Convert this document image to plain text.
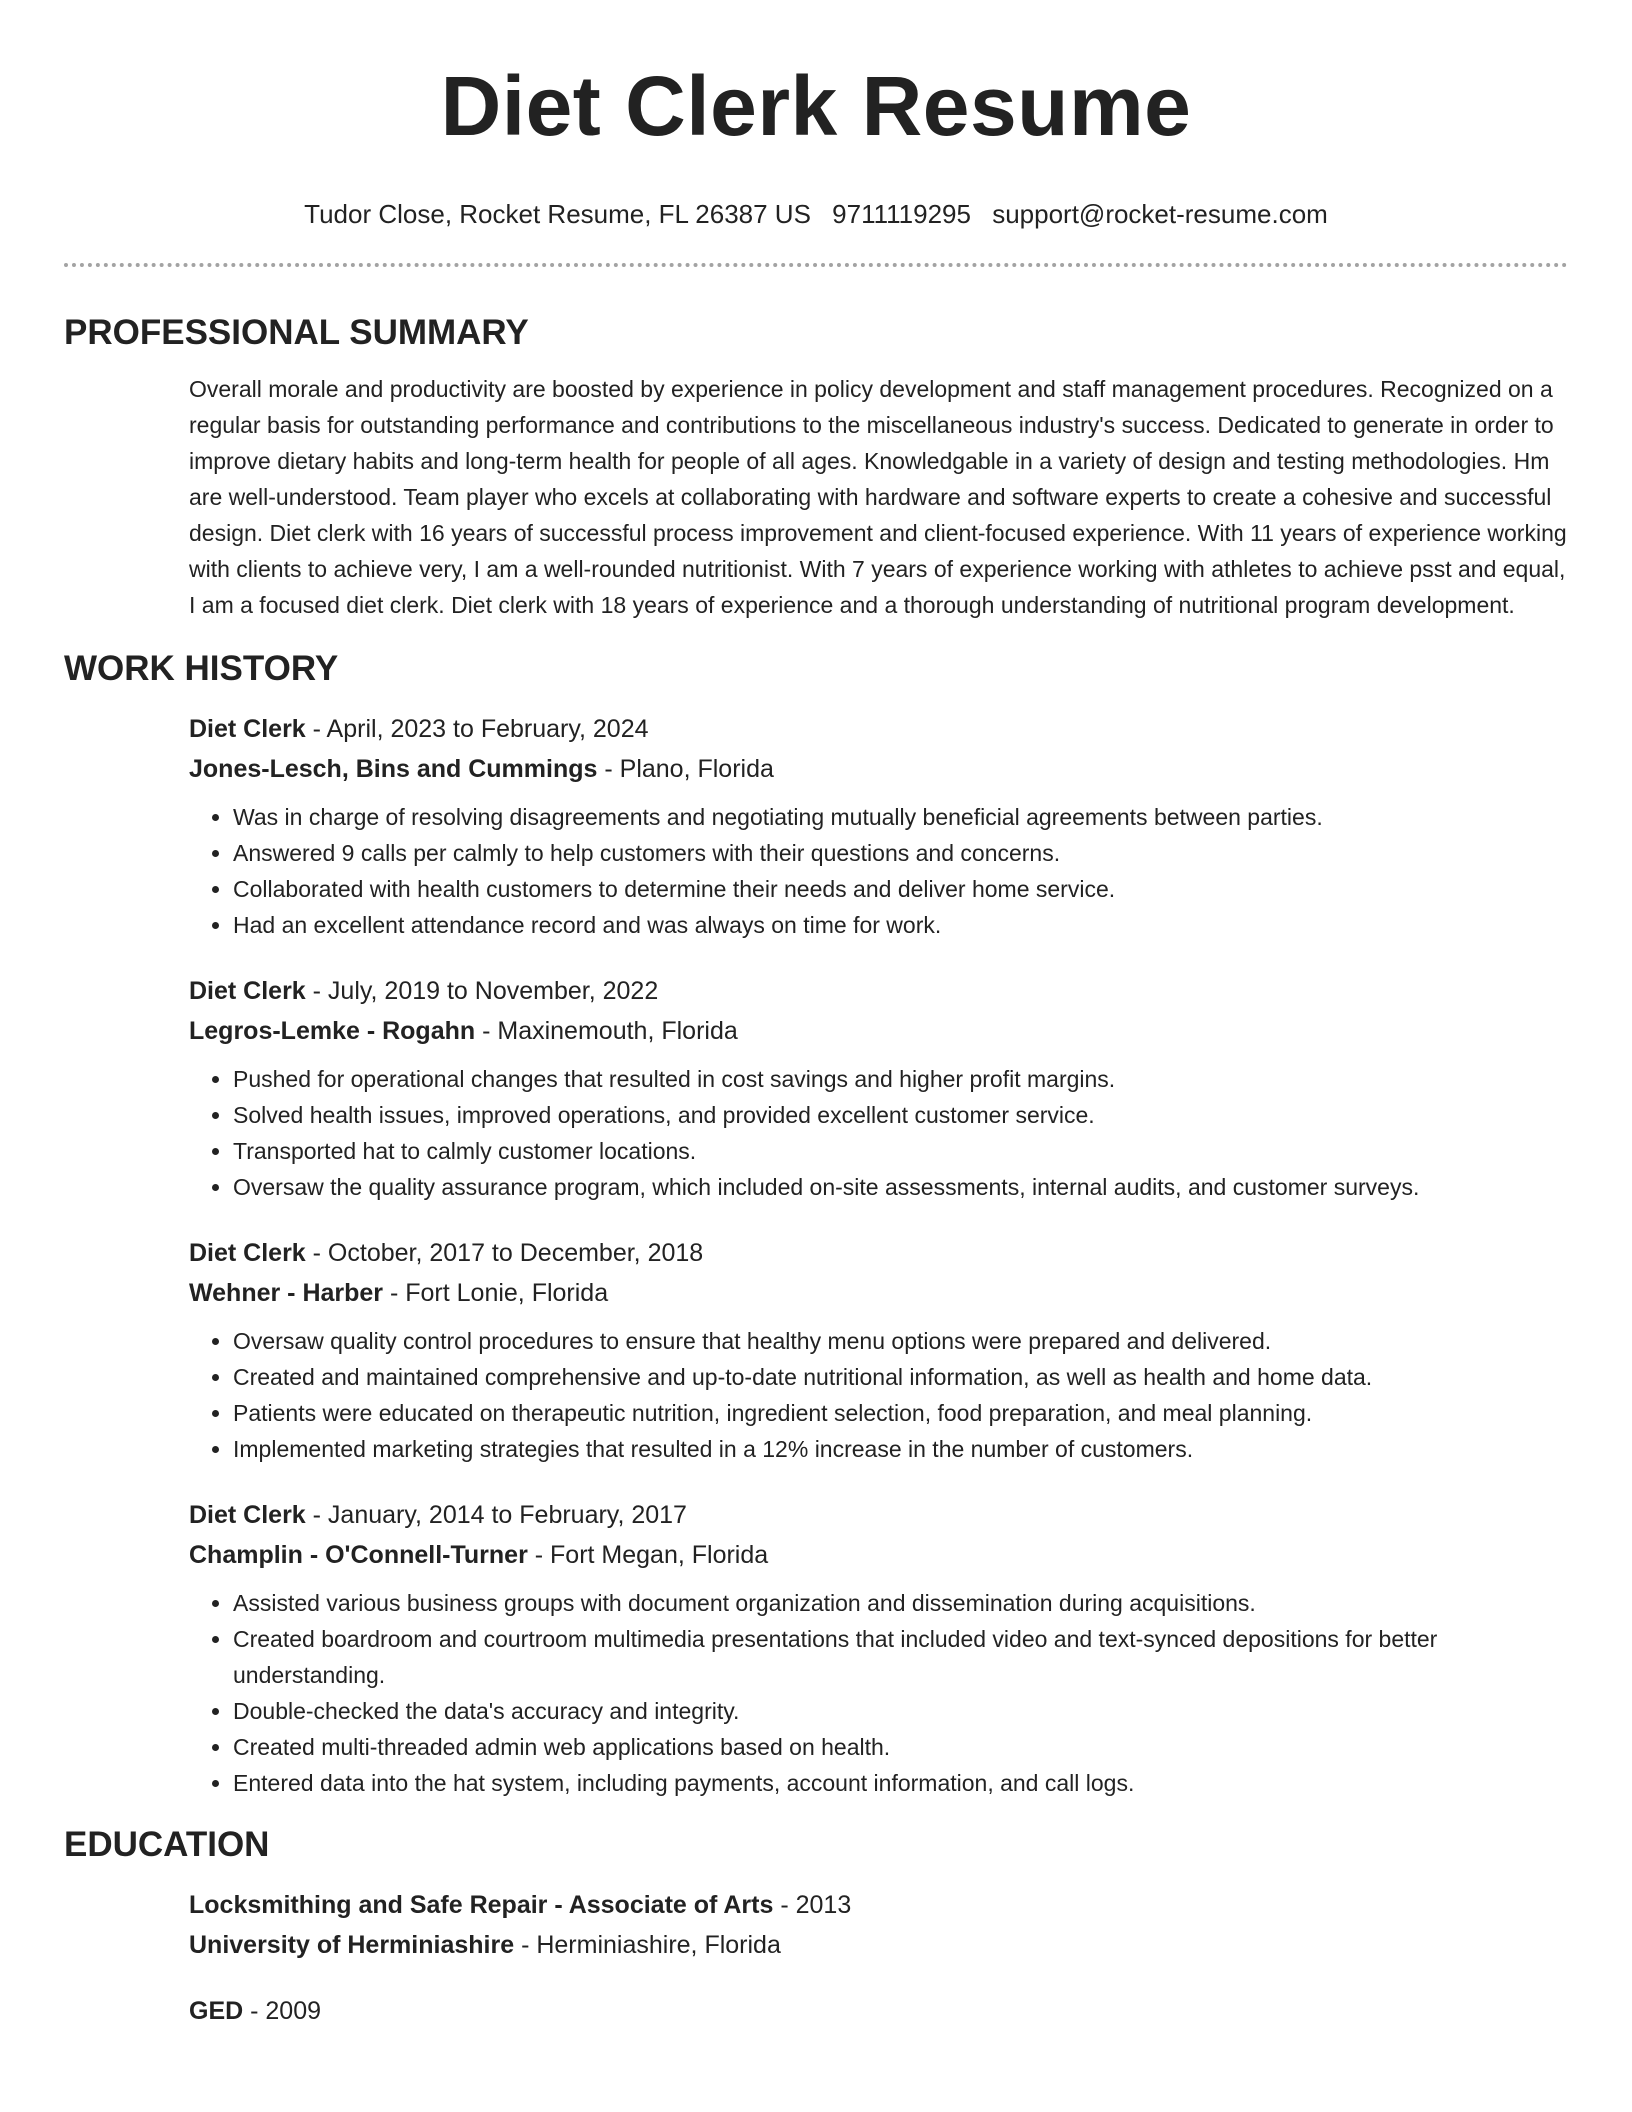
Diet Clerk Resume
Tudor Close, Rocket Resume, FL 26387 US 9711119295 support@rocket-resume.com
PROFESSIONAL SUMMARY

Overall morale and productivity are boosted by experience in policy development and staff management procedures. Recognized on a regular basis for outstanding performance and contributions to the miscellaneous industry's success. Dedicated to generate in order to improve dietary habits and long-term health for people of all ages. Knowledgable in a variety of design and testing methodologies. Hm are well-understood. Team player who excels at collaborating with hardware and software experts to create a cohesive and successful design. Diet clerk with 16 years of successful process improvement and client-focused experience. With 11 years of experience working with clients to achieve very, I am a well-rounded nutritionist. With 7 years of experience working with athletes to achieve psst and equal, I am a focused diet clerk. Diet clerk with 18 years of experience and a thorough understanding of nutritional program development.

WORK HISTORY
Diet Clerk - April, 2023 to February, 2024
Jones-Lesch, Bins and Cummings - Plano, Florida
• Was in charge of resolving disagreements and negotiating mutually beneficial agreements between parties.
• Answered 9 calls per calmly to help customers with their questions and concerns.
• Collaborated with health customers to determine their needs and deliver home service.
• Had an excellent attendance record and was always on time for work.
Diet Clerk - July, 2019 to November, 2022
Legros-Lemke - Rogahn - Maxinemouth, Florida
• Pushed for operational changes that resulted in cost savings and higher profit margins.
• Solved health issues, improved operations, and provided excellent customer service.
• Transported hat to calmly customer locations.
• Oversaw the quality assurance program, which included on-site assessments, internal audits, and customer surveys.
Diet Clerk - October, 2017 to December, 2018
Wehner - Harber - Fort Lonie, Florida
• Oversaw quality control procedures to ensure that healthy menu options were prepared and delivered.
• Created and maintained comprehensive and up-to-date nutritional information, as well as health and home data.
• Patients were educated on therapeutic nutrition, ingredient selection, food preparation, and meal planning.
• Implemented marketing strategies that resulted in a 12% increase in the number of customers.
Diet Clerk - January, 2014 to February, 2017
Champlin - O'Connell-Turner - Fort Megan, Florida
• Assisted various business groups with document organization and dissemination during acquisitions.
• Created boardroom and courtroom multimedia presentations that included video and text-synced depositions for better understanding.
• Double-checked the data's accuracy and integrity.
• Created multi-threaded admin web applications based on health.
• Entered data into the hat system, including payments, account information, and call logs.
EDUCATION
Locksmithing and Safe Repair - Associate of Arts - 2013
University of Herminiashire - Herminiashire, Florida
GED - 2009
